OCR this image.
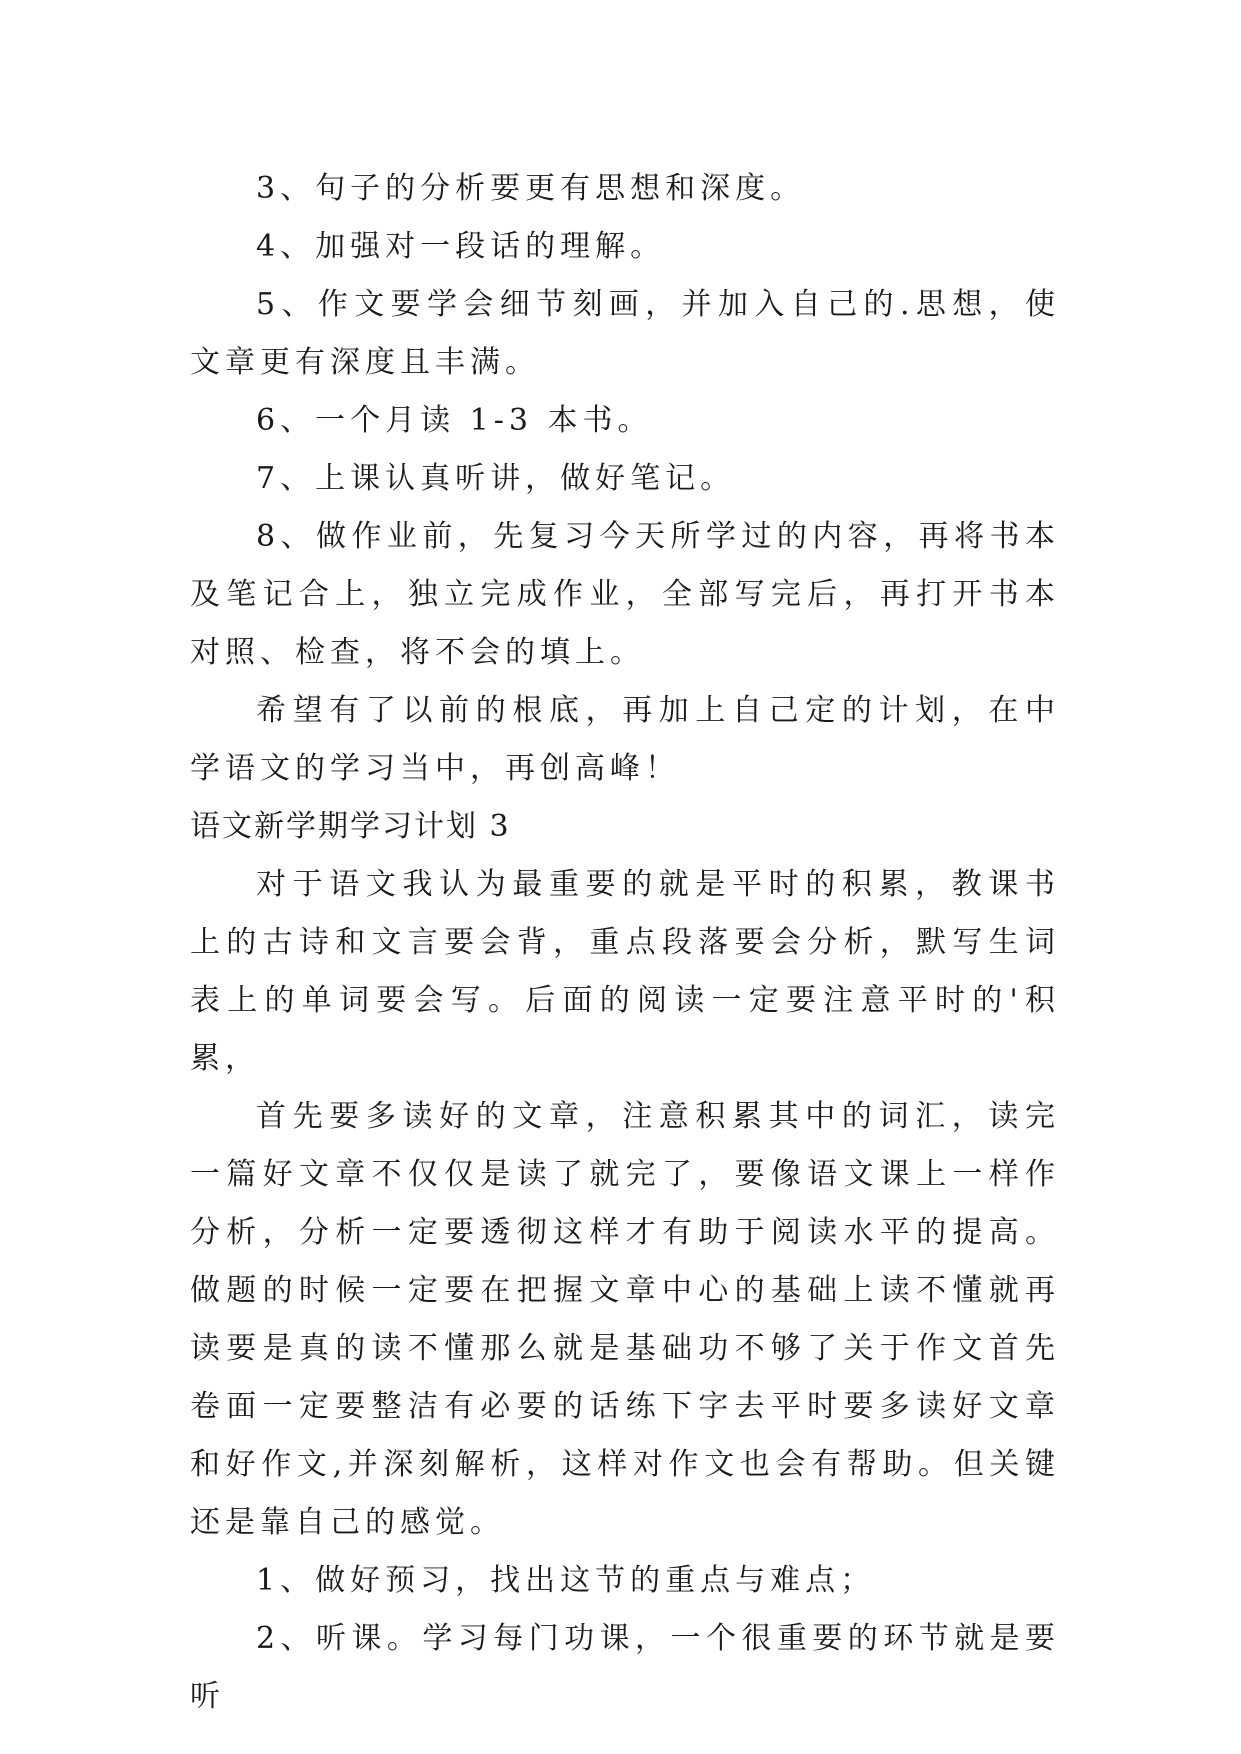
3、句子的分析要更有思想和深度。

4、加强对一段话的理解。

5、作文要学会细节刻画，并加入自己的.思想，使文章更有深度且丰满。

6、一个月读 1-3 本书。

7、上课认真听讲，做好笔记。

8、做作业前，先复习今天所学过的内容，再将书本及笔记合上，独立完成作业，全部写完后，再打开书本对照、检查，将不会的填上。

希望有了以前的根底，再加上自己定的计划，在中学语文的学习当中，再创高峰！

语文新学期学习计划 3

对于语文我认为最重要的就是平时的积累，教课书上的古诗和文言要会背，重点段落要会分析，默写生词表上的单词要会写。后面的阅读一定要注意平时的'积累，

首先要多读好的文章，注意积累其中的词汇，读完一篇好文章不仅仅是读了就完了，要像语文课上一样作分析，分析一定要透彻这样才有助于阅读水平的提高。做题的时候一定要在把握文章中心的基础上读不懂就再读要是真的读不懂那么就是基础功不够了关于作文首先卷面一定要整洁有必要的话练下字去平时要多读好文章和好作文,并深刻解析，这样对作文也会有帮助。但关键还是靠自己的感觉。

1、做好预习，找出这节的重点与难点；

2、听课。学习每门功课，一个很重要的环节就是要听
